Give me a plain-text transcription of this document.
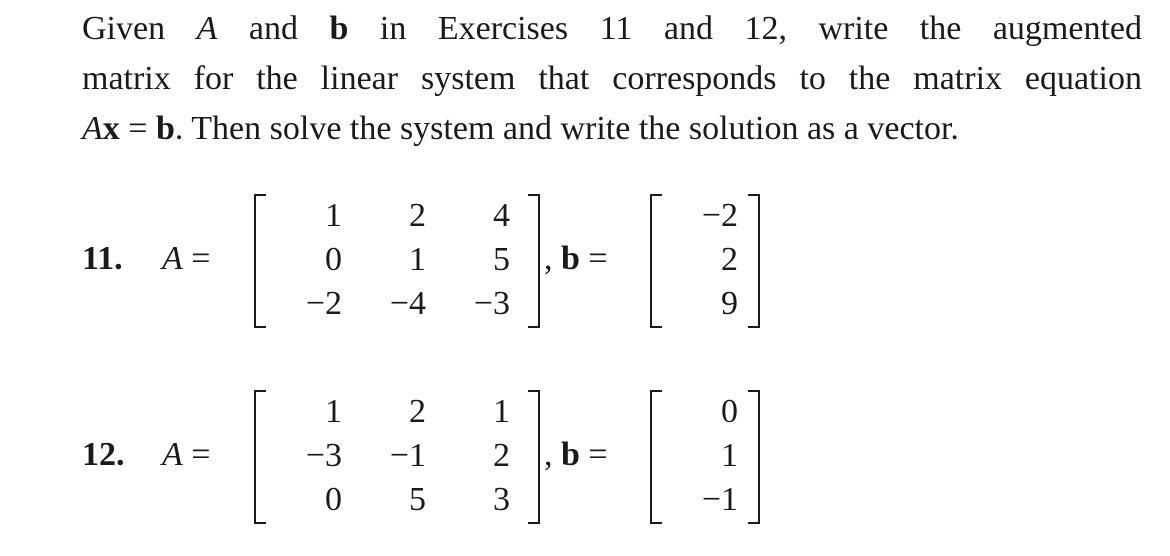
Given A and b in Exercises 11 and 12, write the augmented
matrix for the linear system that corresponds to the matrix equation
Ax = b. Then solve the system and write the solution as a vector.
11. A =
1	2	4
0	1	5
−2	−4	−3
, b =
−2
2
9
12. A =
1	2	1
−3	−1	2
0	5	3
, b =
0
1
−1
